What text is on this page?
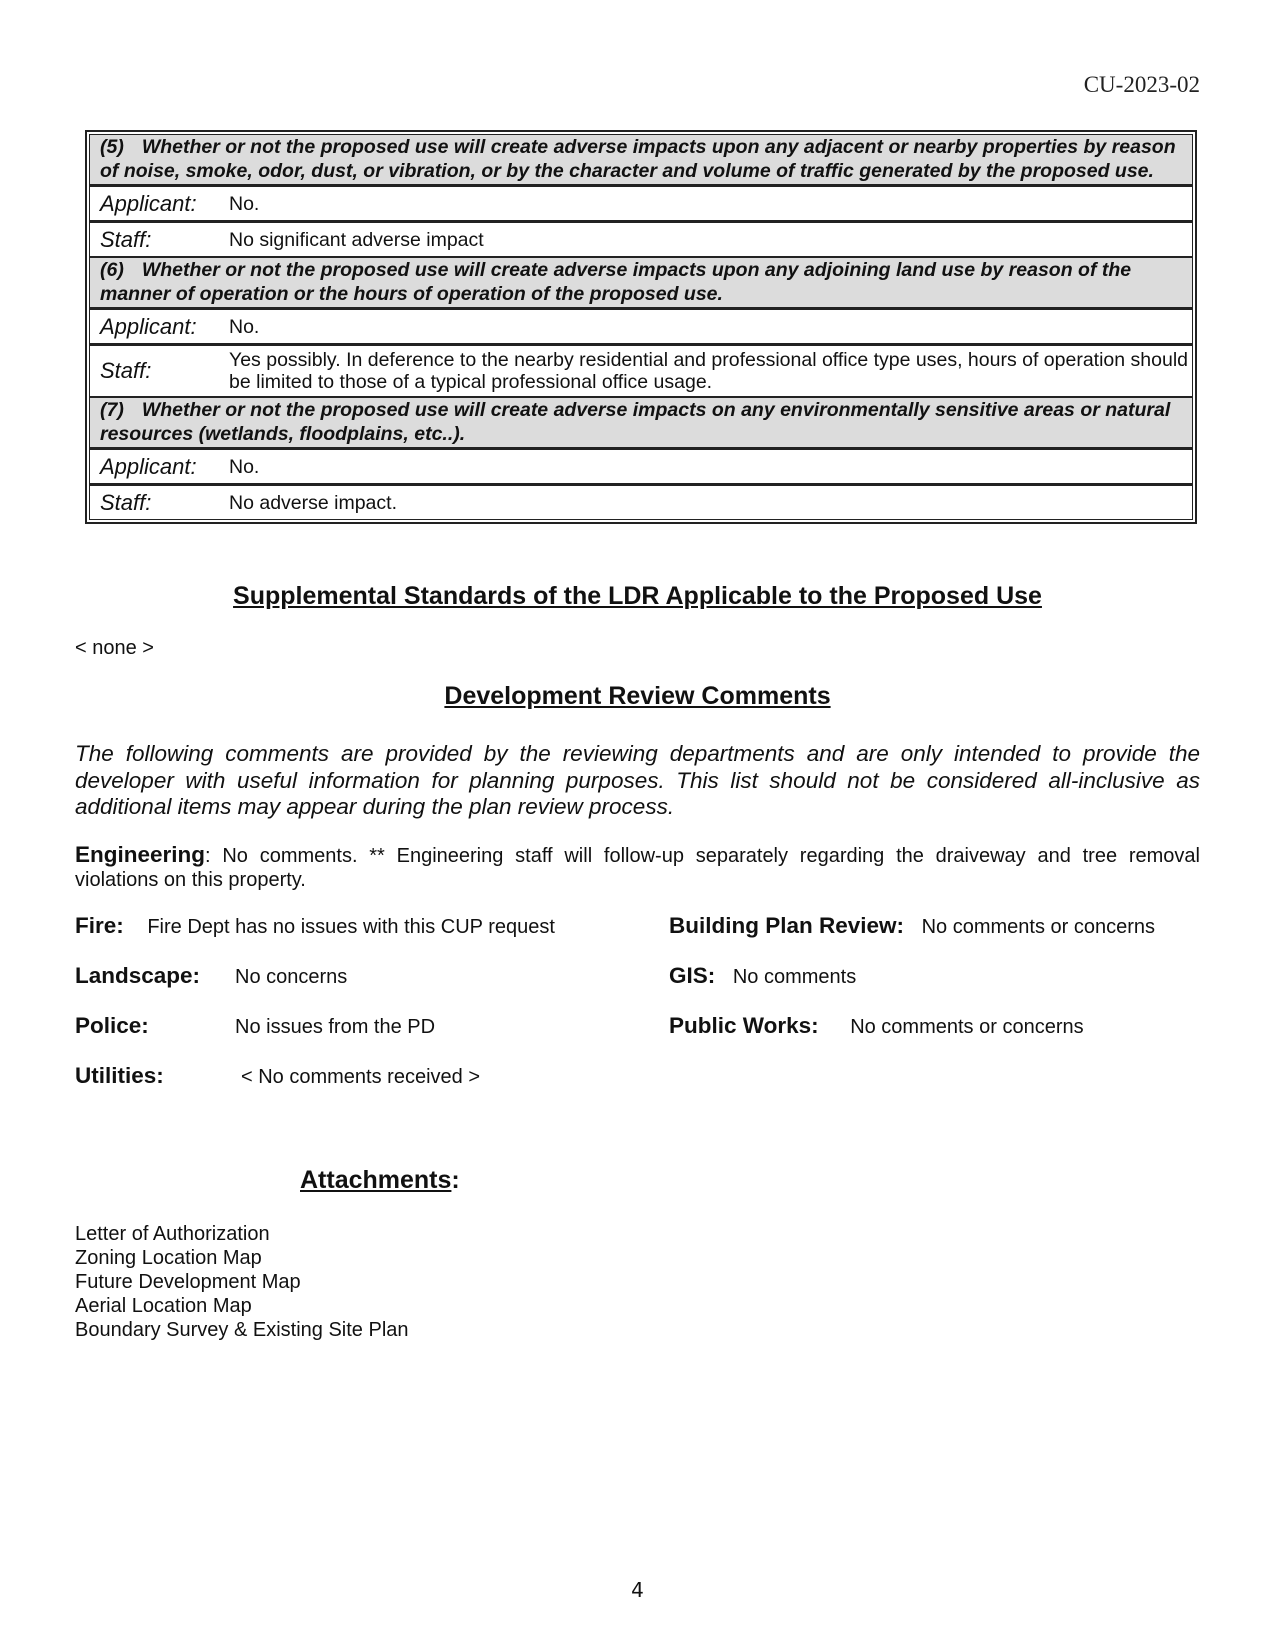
CU-2023-02
(5) Whether or not the proposed use will create adverse impacts upon any adjacent or nearby properties by reason of noise, smoke, odor, dust, or vibration, or by the character and volume of traffic generated by the proposed use.
Applicant:	No.
Staff:	No significant adverse impact
(6) Whether or not the proposed use will create adverse impacts upon any adjoining land use by reason of the manner of operation or the hours of operation of the proposed use.
Applicant:	No.
Staff:	Yes possibly. In deference to the nearby residential and professional office type uses, hours of operation should be limited to those of a typical professional office usage.
(7) Whether or not the proposed use will create adverse impacts on any environmentally sensitive areas or natural resources (wetlands, floodplains, etc..).
Applicant:	No.
Staff:	No adverse impact.
Supplemental Standards of the LDR Applicable to the Proposed Use
< none >
Development Review Comments
The following comments are provided by the reviewing departments and are only intended to provide the developer with useful information for planning purposes. This list should not be considered all-inclusive as additional items may appear during the plan review process.
Engineering: No comments. ** Engineering staff will follow-up separately regarding the draiveway and tree removal violations on this property.
Fire: Fire Dept has no issues with this CUP request	Building Plan Review: No comments or concerns
Landscape: No concerns	GIS: No comments
Police:	No issues from the PD	Public Works: No comments or concerns
Utilities:	< No comments received >
Attachments:
Letter of Authorization
Zoning Location Map
Future Development Map
Aerial Location Map
Boundary Survey & Existing Site Plan
4
